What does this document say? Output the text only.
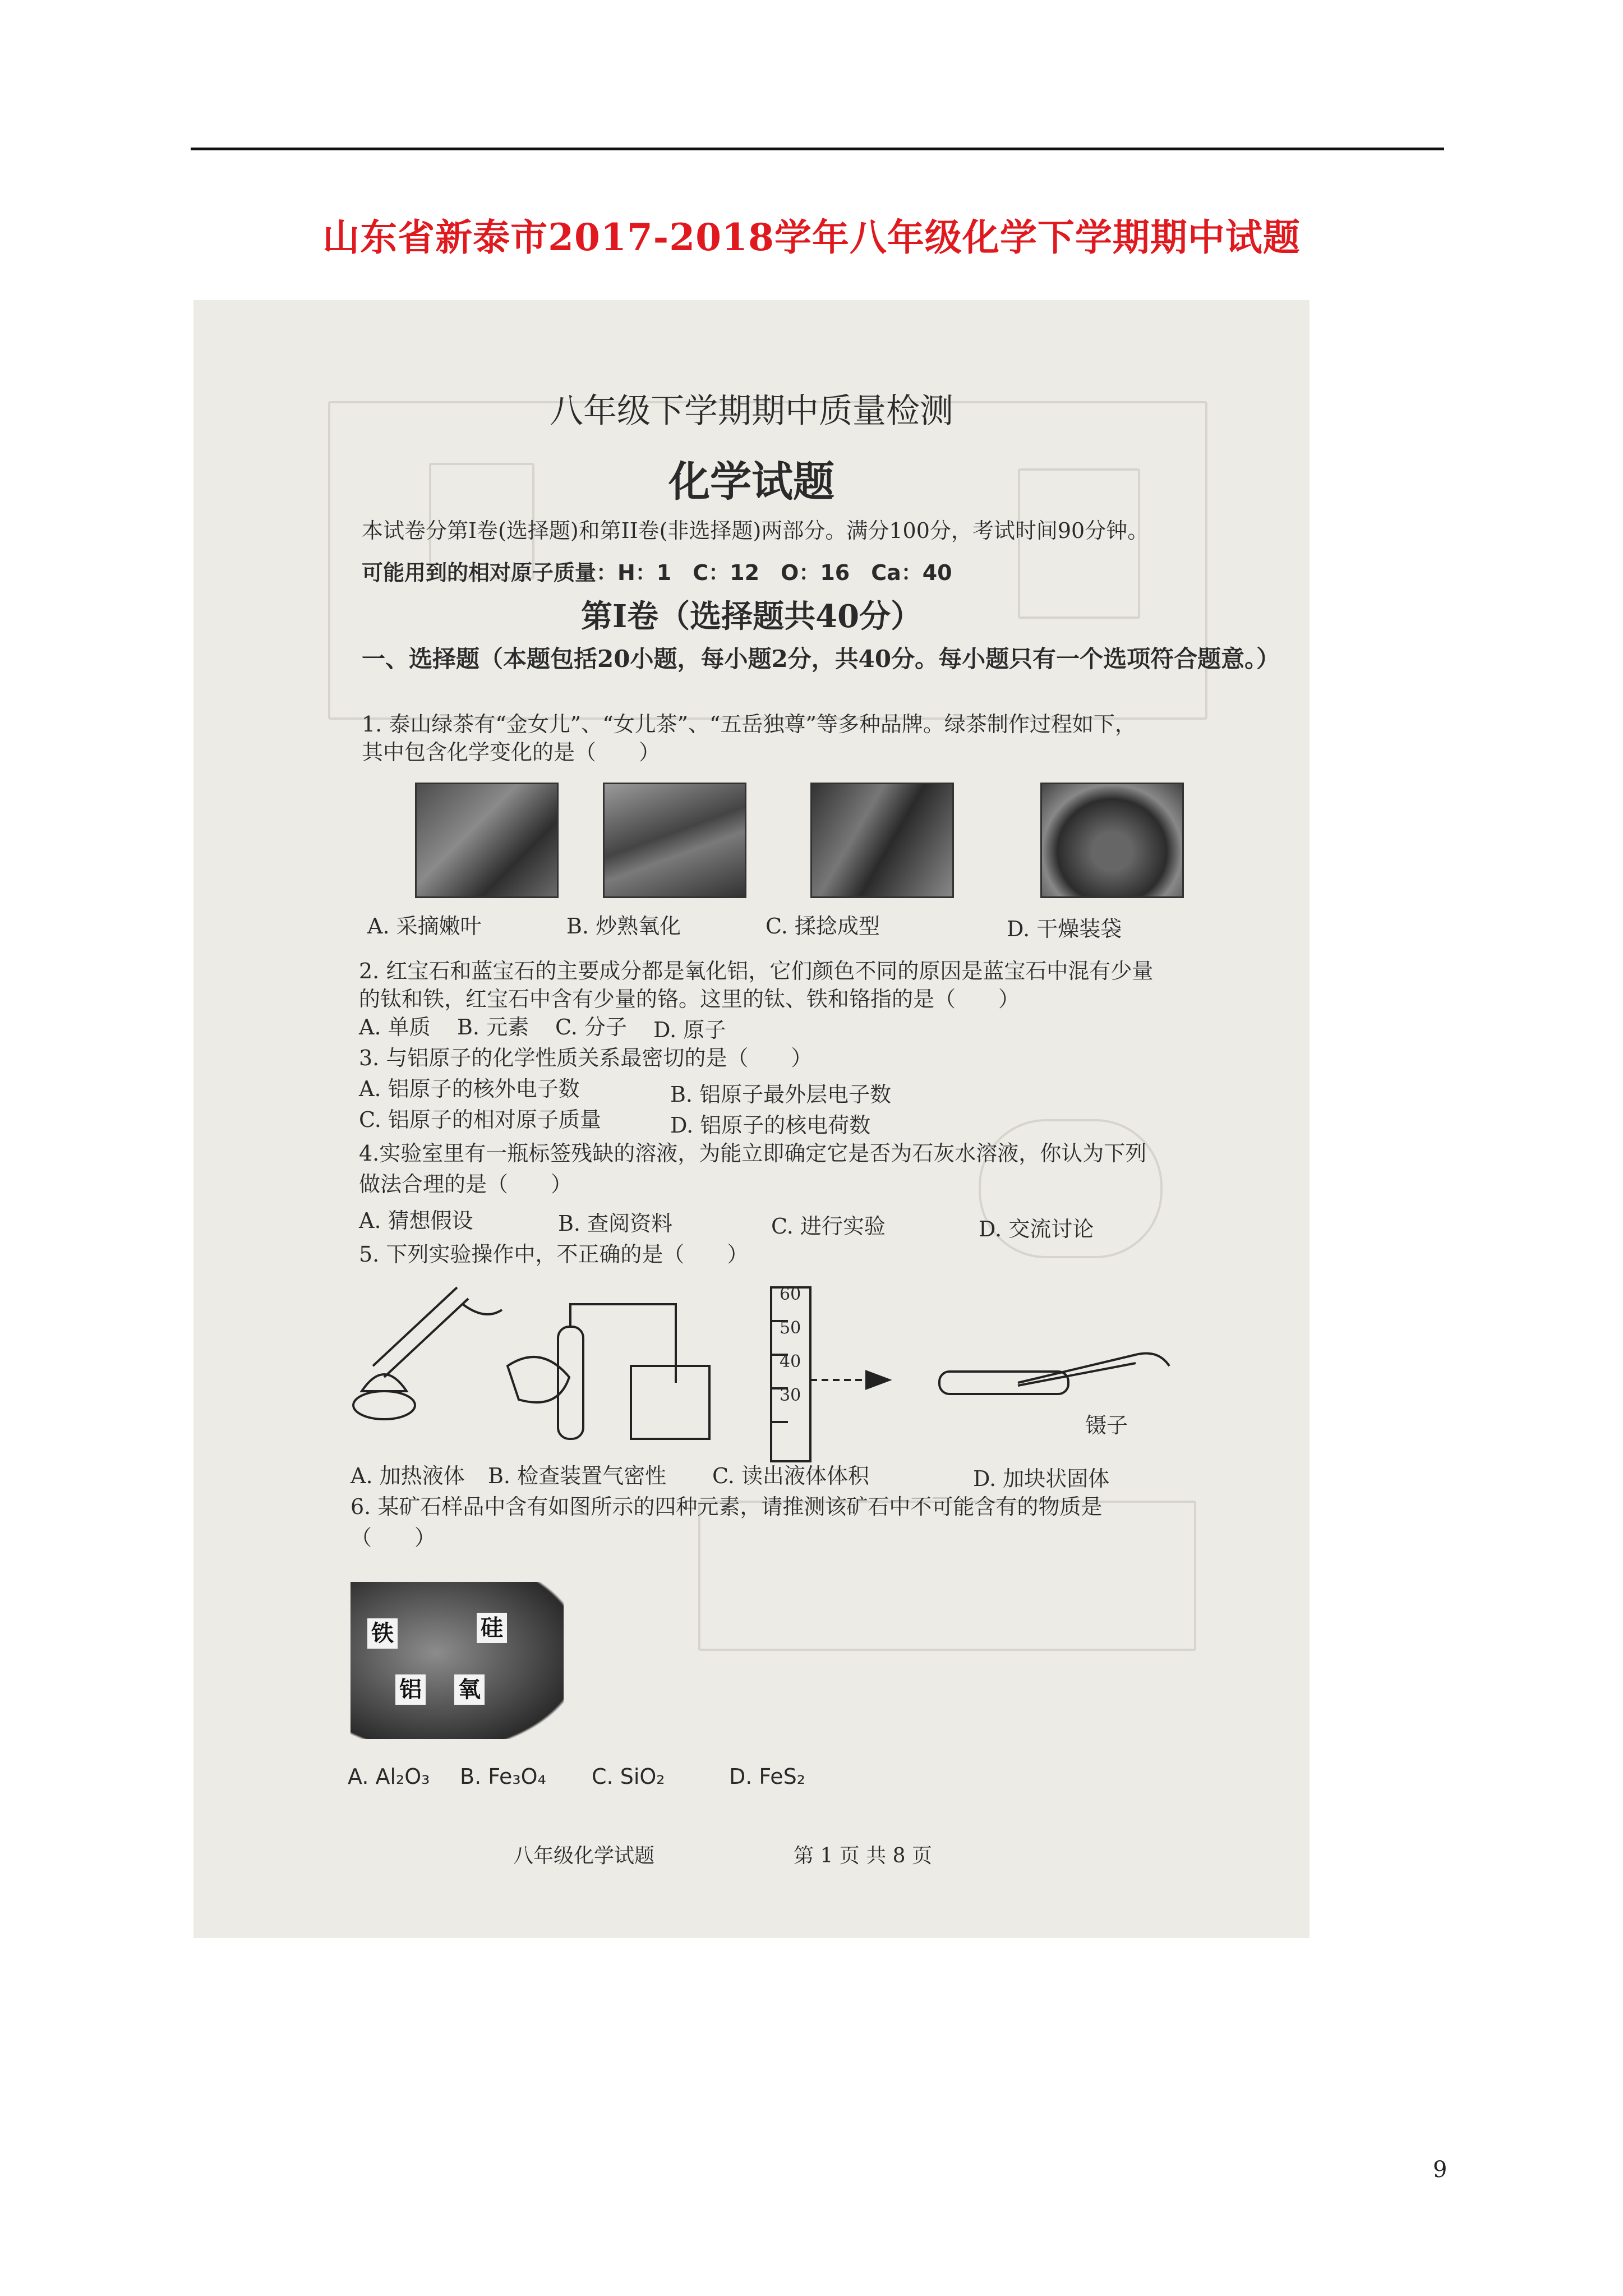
山东省新泰市2017-2018学年八年级化学下学期期中试题
八年级下学期期中质量检测
化学试题
本试卷分第I卷(选择题)和第II卷(非选择题)两部分。满分100分，考试时间90分钟。
可能用到的相对原子质量：H：1　C：12　O：16　Ca：40
第I卷（选择题共40分）
一、选择题（本题包括20小题，每小题2分，共40分。每小题只有一个选项符合题意。）
1. 泰山绿茶有“金女儿”、“女儿茶”、“五岳独尊”等多种品牌。绿茶制作过程如下，
其中包含化学变化的是（　　）
A. 采摘嫩叶	B. 炒熟氧化	C. 揉捻成型	D. 干燥装袋
2. 红宝石和蓝宝石的主要成分都是氧化铝，它们颜色不同的原因是蓝宝石中混有少量
的钛和铁，红宝石中含有少量的铬。这里的钛、铁和铬指的是（　　）
A. 单质 B. 元素 C. 分子 D. 原子
3. 与铝原子的化学性质关系最密切的是（　　）
A. 铝原子的核外电子数	B. 铝原子最外层电子数
C. 铝原子的相对原子质量	D. 铝原子的核电荷数
4.实验室里有一瓶标签残缺的溶液，为能立即确定它是否为石灰水溶液，你认为下列
做法合理的是（　　）
A. 猜想假设	B. 查阅资料	C. 进行实验	D. 交流讨论
5. 下列实验操作中，不正确的是（　　）
60
50
40
30
镊子
A. 加热液体 B. 检查装置气密性 C. 读出液体体积	D. 加块状固体
6. 某矿石样品中含有如图所示的四种元素，请推测该矿石中不可能含有的物质是
（　　）
铁	硅
铝 氧
A. Al₂O₃ B. Fe₃O₄ C. SiO₂	D. FeS₂
八年级化学试题	第 1 页 共 8 页
9
